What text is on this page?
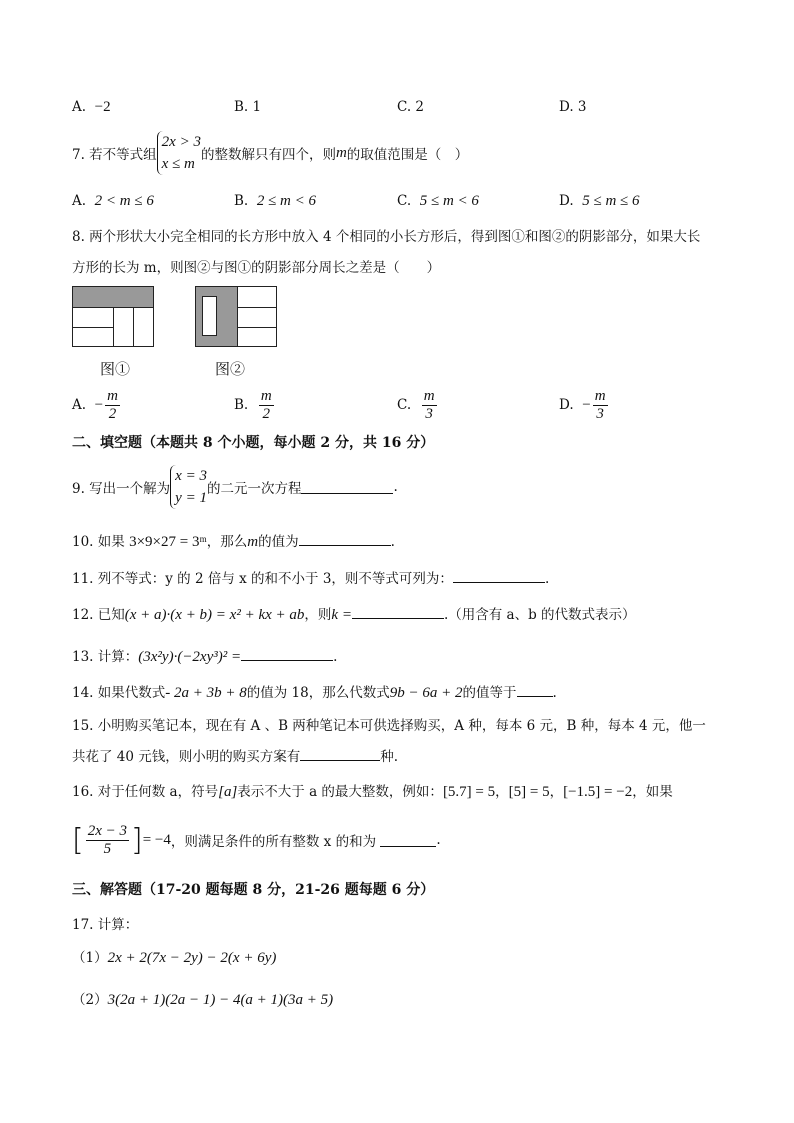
A. −2	B. 1	C. 2	D. 3
7. 若不等式组
2x > 3
x ≤ m
的整数解只有四个，则 m 的取值范围是（　）
A. 2 < m ≤ 6	B. 2 ≤ m < 6	C. 5 ≤ m < 6	D. 5 ≤ m ≤ 6
8. 两个形状大小完全相同的长方形中放入 4 个相同的小长方形后，得到图①和图②的阴影部分，如果大长
方形的长为 m，则图②与图①的阴影部分周长之差是（　　）
图①	图②
A.
− $\frac{m}{2}$	B.
$\frac{m}{2}$	C.
$\frac{m}{3}$	D.
− $\frac{m}{3}$
二、填空题（本题共 8 个小题，每小题 2 分，共 16 分）
9. 写出一个解为
x = 3
y = 1
的二元一次方程	.
10. 如果 3×9×27 = 3ᵐ，那么m的值为	.
11. 列不等式：y 的 2 倍与 x 的和不小于 3，则不等式可列为：	.
12. 已知(x + a)·(x + b) = x² + kx + ab，则k =	.（用含有 a、b 的代数式表示）
13. 计算：(3x²y)·(−2xy³)² =	.
14. 如果代数式- 2a + 3b + 8的值为 18，那么代数式9b − 6a + 2的值等于	.
15. 小明购买笔记本，现在有 A 、B 两种笔记本可供选择购买，A 种，每本 6 元，B 种，每本 4 元，他一
共花了 40 元钱，则小明的购买方案有	种.
16. 对于任何数 a，符号[a]表示不大于 a 的最大整数，例如：[5.7] = 5，[5] = 5，[−1.5] = −2，如果
[ $\frac{2x - 3}{5}$ ] = −4 ，则满足条件的所有整数 x 的和为
	.
三、解答题（17-20 题每题 8 分，21-26 题每题 6 分）
17. 计算：
（1）2x + 2(7x − 2y) − 2(x + 6y)
（2）3(2a + 1)(2a − 1) − 4(a + 1)(3a + 5)
